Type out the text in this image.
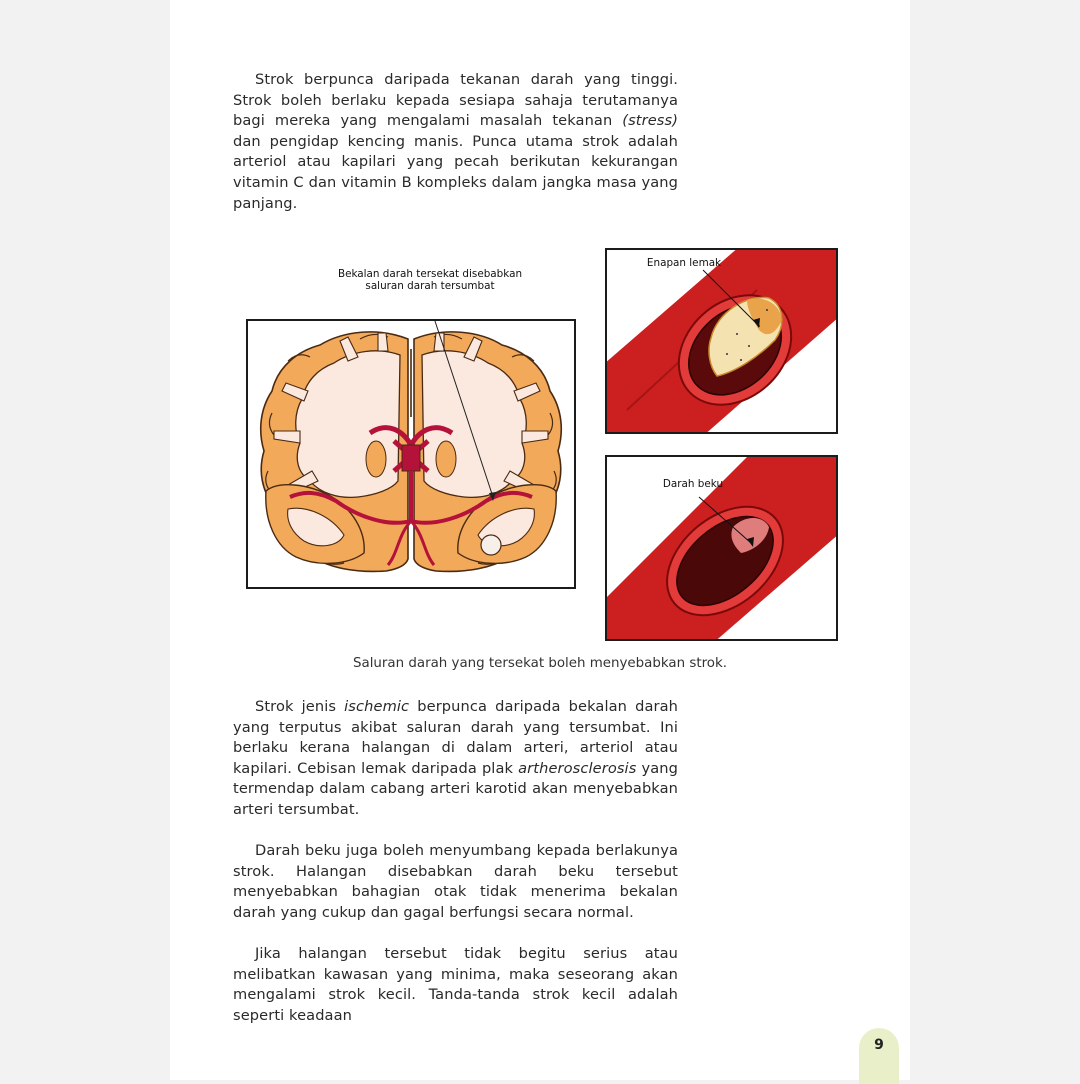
Strok berpunca daripada tekanan darah yang tinggi. Strok boleh berlaku kepada sesiapa sahaja terutamanya bagi mereka yang mengalami masalah tekanan (stress) dan pengidap kencing manis. Punca utama strok adalah arteriol atau kapilari yang pecah berikutan kekurangan vitamin C dan vitamin B kompleks dalam jangka masa yang panjang.
Bekalan darah tersekat disebabkan
saluran darah tersumbat
Enapan lemak
Darah beku
Saluran darah yang tersekat boleh menyebabkan strok.
Strok jenis ischemic berpunca daripada bekalan darah yang terputus akibat saluran darah yang tersumbat. Ini berlaku kerana halangan di dalam arteri, arteriol atau kapilari. Cebisan lemak daripada plak artherosclerosis yang termendap dalam cabang arteri karotid akan menyebabkan arteri tersumbat.
Darah beku juga boleh menyumbang kepada berlakunya strok. Halangan disebabkan darah beku tersebut menyebabkan bahagian otak tidak menerima bekalan darah yang cukup dan gagal berfungsi secara normal.
Jika halangan tersebut tidak begitu serius atau melibatkan kawasan yang minima, maka seseorang akan mengalami strok kecil. Tanda-tanda strok kecil adalah seperti keadaan
9
